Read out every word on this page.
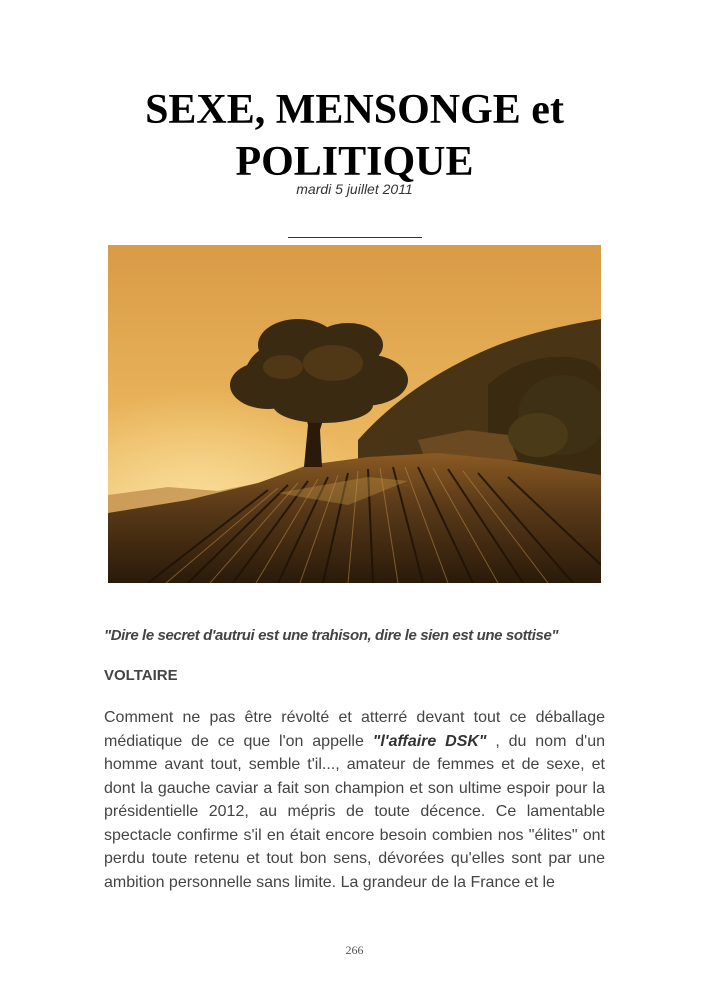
SEXE, MENSONGE et
POLITIQUE
mardi 5 juillet 2011
"Dire le secret d'autrui est une trahison, dire le sien est une sottise"
VOLTAIRE

Comment ne pas être révolté et atterré devant tout ce déballage médiatique de ce que l'on appelle "l'affaire DSK" , du nom d'un homme avant tout, semble t'il..., amateur de femmes et de sexe, et dont la gauche caviar a fait son champion et son ultime espoir pour la présidentielle 2012, au mépris de toute décence. Ce lamentable spectacle confirme s'il en était encore besoin combien nos "élites" ont perdu toute retenu et tout bon sens, dévorées qu'elles sont par une ambition personnelle sans limite. La grandeur de la France et le

266
